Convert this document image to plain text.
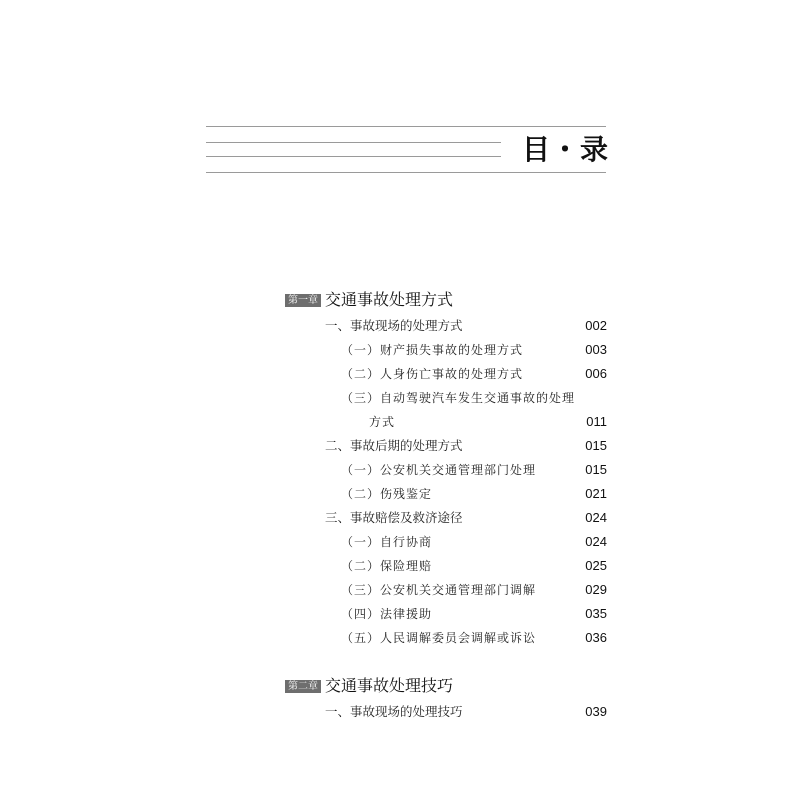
目・录
第一章 交通事故处理方式
一、事故现场的处理方式	002
（一）财产损失事故的处理方式	003
（二）人身伤亡事故的处理方式	006
（三）自动驾驶汽车发生交通事故的处理
方式	011
二、事故后期的处理方式	015
（一）公安机关交通管理部门处理	015
（二）伤残鉴定	021
三、事故赔偿及救济途径	024
（一）自行协商	024
（二）保险理赔	025
（三）公安机关交通管理部门调解	029
（四）法律援助	035
（五）人民调解委员会调解或诉讼	036
第二章 交通事故处理技巧
一、事故现场的处理技巧	039
